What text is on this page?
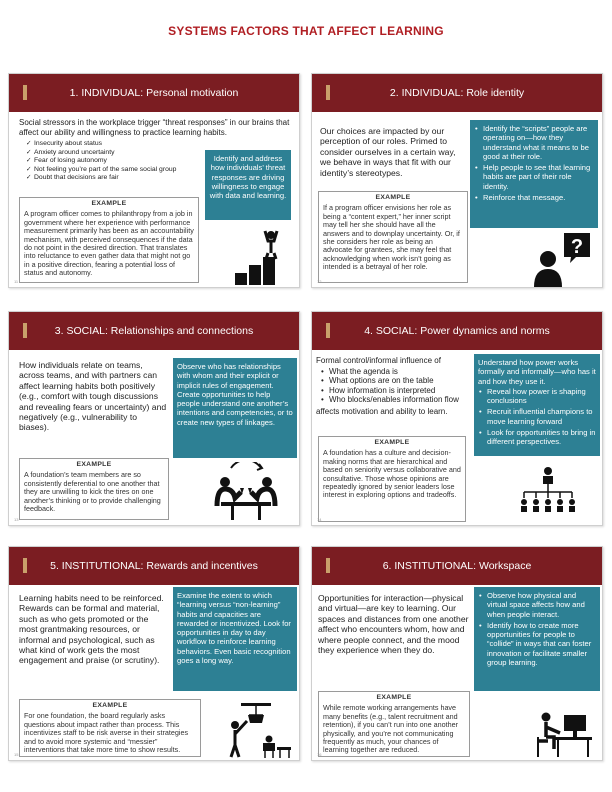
SYSTEMS FACTORS THAT AFFECT LEARNING
1. INDIVIDUAL: Personal motivation
Social stressors in the workplace trigger “threat responses” in our brains that affect our ability and willingness to practice learning habits.
✓ Insecurity about status
✓ Anxiety around uncertainty
✓ Fear of losing autonomy
✓ Not feeling you’re part of the same social group
✓ Doubt that decisions are fair
Identify and address how individuals’ threat responses are driving willingness to engage with data and learning.
EXAMPLE
A program officer comes to philanthropy from a job in government where her experience with performance measurement primarily has been as an accountability mechanism, with perceived consequences if the data do not point in the desired direction. That translates into reluctance to even gather data that might not go in a positive direction, fearing a potential loss of status and autonomy.
11
2. INDIVIDUAL: Role identity
Our choices are impacted by our perception of our roles. Primed to consider ourselves in a certain way, we behave in ways that fit with our identity’s stereotypes.
• Identify the “scripts” people are operating on—how they understand what it means to be good at their role.
• Help people to see that learning habits are part of their role identity.
• Reinforce that message.
EXAMPLE
If a program officer envisions her role as being a “content expert,” her inner script may tell her she should have all the answers and to downplay uncertainty. Or, if she considers her role as being an advocate for grantees, she may feel that acknowledging when work isn’t going as intended is a betrayal of her role.
?
12
3. SOCIAL: Relationships and connections
How individuals relate on teams, across teams, and with partners can affect learning habits both positively (e.g., comfort with tough discussions and revealing fears or uncertainty) and negatively (e.g., vulnerability to biases).
Observe who has relationships with whom and their explicit or implicit rules of engagement. Create opportunities to help people understand one another’s intentions and competencies, or to create new types of linkages.
EXAMPLE
A foundation’s team members are so consistently deferential to one another that they are unwilling to kick the tires on one another’s thinking or to provide challenging feedback.
13
4. SOCIAL: Power dynamics and norms
Formal control/informal influence of
• What the agenda is
• What options are on the table
• How information is interpreted
• Who blocks/enables information flow
affects motivation and ability to learn.
Understand how power works formally and informally—who has it and how they use it.
• Reveal how power is shaping conclusions
• Recruit influential champions to move learning forward
• Look for opportunities to bring in different perspectives.
EXAMPLE
A foundation has a culture and decision-making norms that are hierarchical and based on seniority versus collaborative and consultative. Those whose opinions are repeatedly ignored by senior leaders lose interest in exploring options and tradeoffs.
14
5. INSTITUTIONAL: Rewards and incentives
Learning habits need to be reinforced. Rewards can be formal and material, such as who gets promoted or the most grantmaking resources, or informal and psychological, such as what kind of work gets the most engagement and praise (or scrutiny).
Examine the extent to which “learning versus “non-learning” habits and capacities are rewarded or incentivized. Look for opportunities in day to day workflow to reinforce learning behaviors. Even basic recognition goes a long way.
EXAMPLE
For one foundation, the board regularly asks questions about impact rather than process. This incentivizes staff to be risk averse in their strategies and to avoid more systemic and “messier” interventions that take more time to show results.
15
6. INSTITUTIONAL: Workspace
Opportunities for interaction—physical and virtual—are key to learning. Our spaces and distances from one another affect who encounters whom, how and where people connect, and the mood they experience when they do.
• Observe how physical and virtual space affects how and when people interact.
• Identify how to create more opportunities for people to “collide” in ways that can foster innovation or facilitate smaller group learning.
EXAMPLE
While remote working arrangements have many benefits (e.g., talent recruitment and retention), if you can’t run into one another physically, and you’re not communicating frequently as much, your chances of learning together are reduced.
16
